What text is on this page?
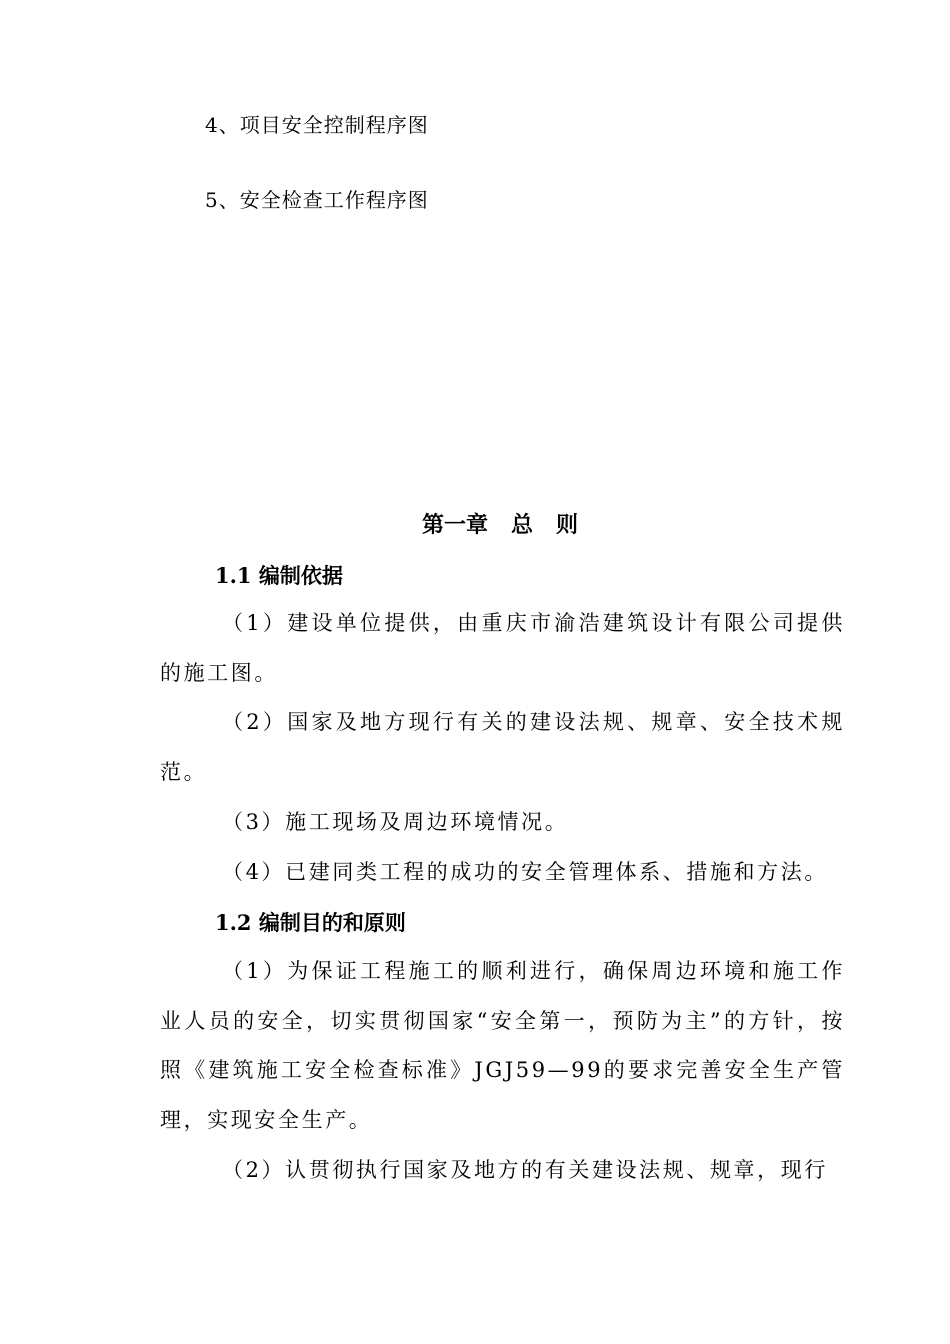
4、项目安全控制程序图
5、安全检查工作程序图
第一章   总   则
1.1 编制依据
（1）建设单位提供，由重庆市渝浩建筑设计有限公司提供的施工图。
（2）国家及地方现行有关的建设法规、规章、安全技术规范。
（3）施工现场及周边环境情况。
（4）已建同类工程的成功的安全管理体系、措施和方法。
1.2 编制目的和原则
（1）为保证工程施工的顺利进行，确保周边环境和施工作业人员的安全，切实贯彻国家“安全第一，预防为主”的方针，按照《建筑施工安全检查标准》JGJ59—99的要求完善安全生产管理，实现安全生产。
（2）认贯彻执行国家及地方的有关建设法规、规章，现行
